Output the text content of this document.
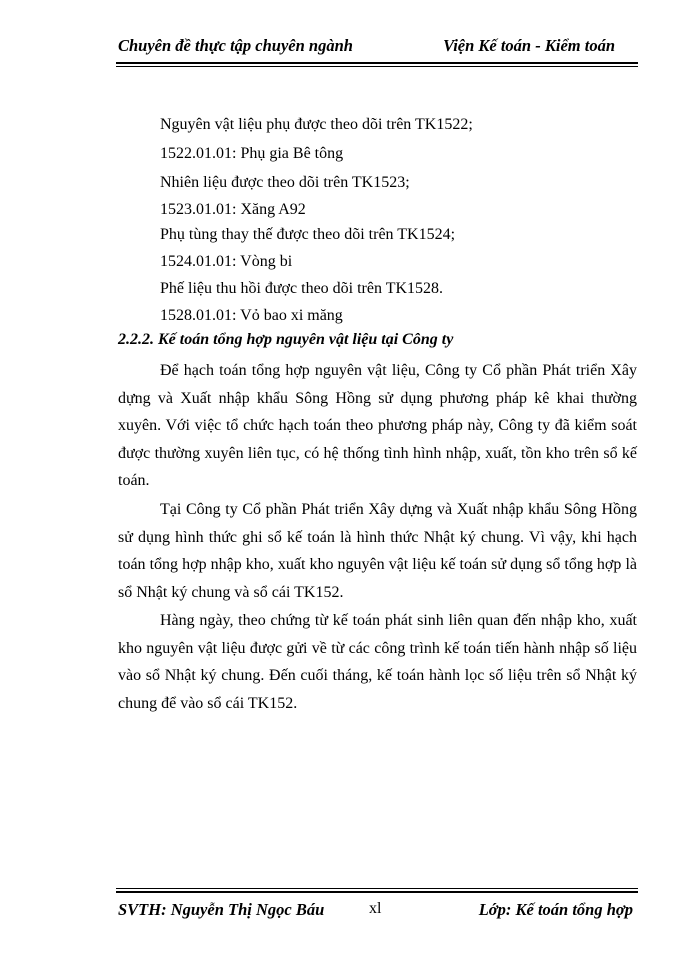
Chuyên đề thực tập chuyên ngành	Viện Kế toán - Kiểm toán
Nguyên vật liệu phụ được theo dõi trên TK1522;
1522.01.01: Phụ gia Bê tông
Nhiên liệu được theo dõi trên TK1523;
1523.01.01: Xăng A92
Phụ tùng thay thế được theo dõi trên TK1524;
1524.01.01: Vòng bi
Phế liệu thu hồi được theo dõi trên TK1528.
1528.01.01: Vỏ bao xi măng
2.2.2. Kế toán tổng hợp nguyên vật liệu tại Công ty
Để hạch toán tổng hợp nguyên vật liệu, Công ty Cổ phần Phát triển Xây dựng và Xuất nhập khẩu Sông Hồng sử dụng phương pháp kê khai thường xuyên. Với việc tổ chức hạch toán theo phương pháp này, Công ty đã kiểm soát được thường xuyên liên tục, có hệ thống tình hình nhập, xuất, tồn kho trên sổ kế toán.
Tại Công ty Cổ phần Phát triển Xây dựng và Xuất nhập khẩu Sông Hồng sử dụng hình thức ghi sổ kế toán là hình thức Nhật ký chung. Vì vậy, khi hạch toán tổng hợp nhập kho, xuất kho nguyên vật liệu kế toán sử dụng sổ tổng hợp là sổ Nhật ký chung và sổ cái TK152.
Hàng ngày, theo chứng từ kế toán phát sinh liên quan đến nhập kho, xuất kho nguyên vật liệu được gửi về từ các công trình kế toán tiến hành nhập số liệu vào sổ Nhật ký chung. Đến cuối tháng, kế toán hành lọc số liệu trên sổ Nhật ký chung để vào sổ cái TK152.
SVTH: Nguyễn Thị Ngọc Báu	xl	Lớp: Kế toán tổng hợp
